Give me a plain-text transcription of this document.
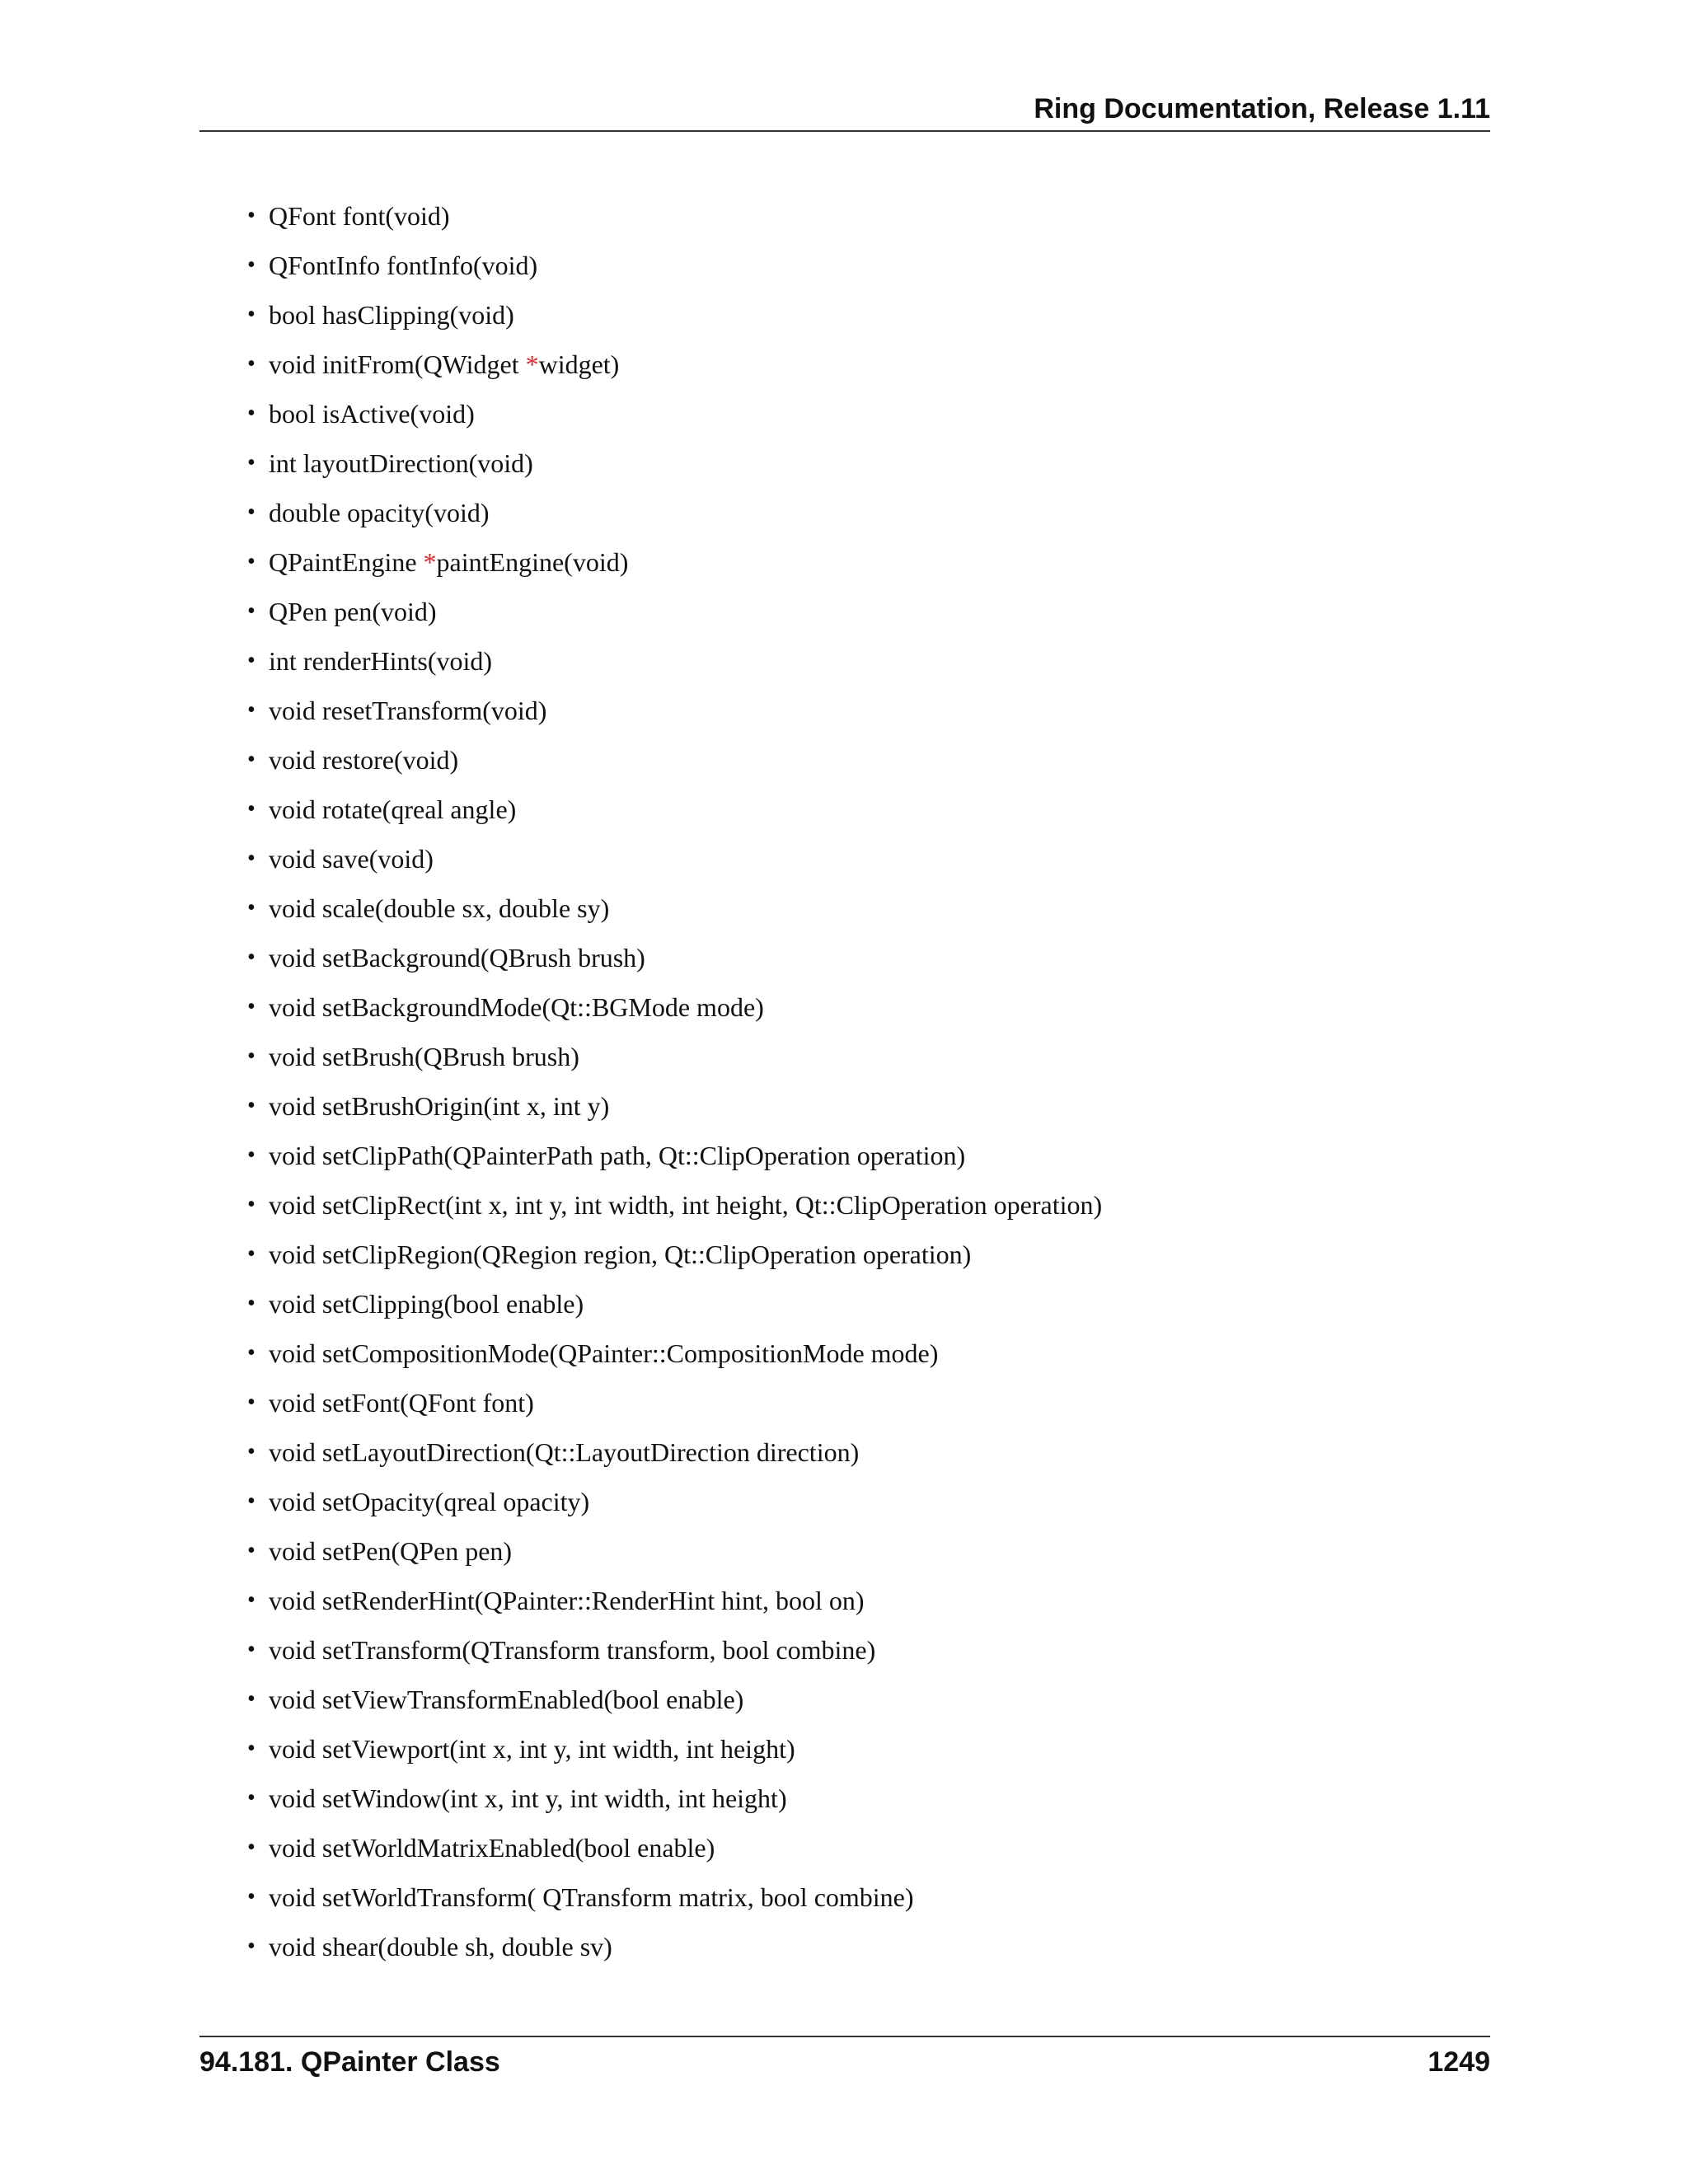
Ring Documentation, Release 1.11
• QFont font(void)
• QFontInfo fontInfo(void)
• bool hasClipping(void)
• void initFrom(QWidget *widget)
• bool isActive(void)
• int layoutDirection(void)
• double opacity(void)
• QPaintEngine *paintEngine(void)
• QPen pen(void)
• int renderHints(void)
• void resetTransform(void)
• void restore(void)
• void rotate(qreal angle)
• void save(void)
• void scale(double sx, double sy)
• void setBackground(QBrush brush)
• void setBackgroundMode(Qt::BGMode mode)
• void setBrush(QBrush brush)
• void setBrushOrigin(int x, int y)
• void setClipPath(QPainterPath path, Qt::ClipOperation operation)
• void setClipRect(int x, int y, int width, int height, Qt::ClipOperation operation)
• void setClipRegion(QRegion region, Qt::ClipOperation operation)
• void setClipping(bool enable)
• void setCompositionMode(QPainter::CompositionMode mode)
• void setFont(QFont font)
• void setLayoutDirection(Qt::LayoutDirection direction)
• void setOpacity(qreal opacity)
• void setPen(QPen pen)
• void setRenderHint(QPainter::RenderHint hint, bool on)
• void setTransform(QTransform transform, bool combine)
• void setViewTransformEnabled(bool enable)
• void setViewport(int x, int y, int width, int height)
• void setWindow(int x, int y, int width, int height)
• void setWorldMatrixEnabled(bool enable)
• void setWorldTransform( QTransform matrix, bool combine)
• void shear(double sh, double sv)
94.181. QPainter Class	1249
